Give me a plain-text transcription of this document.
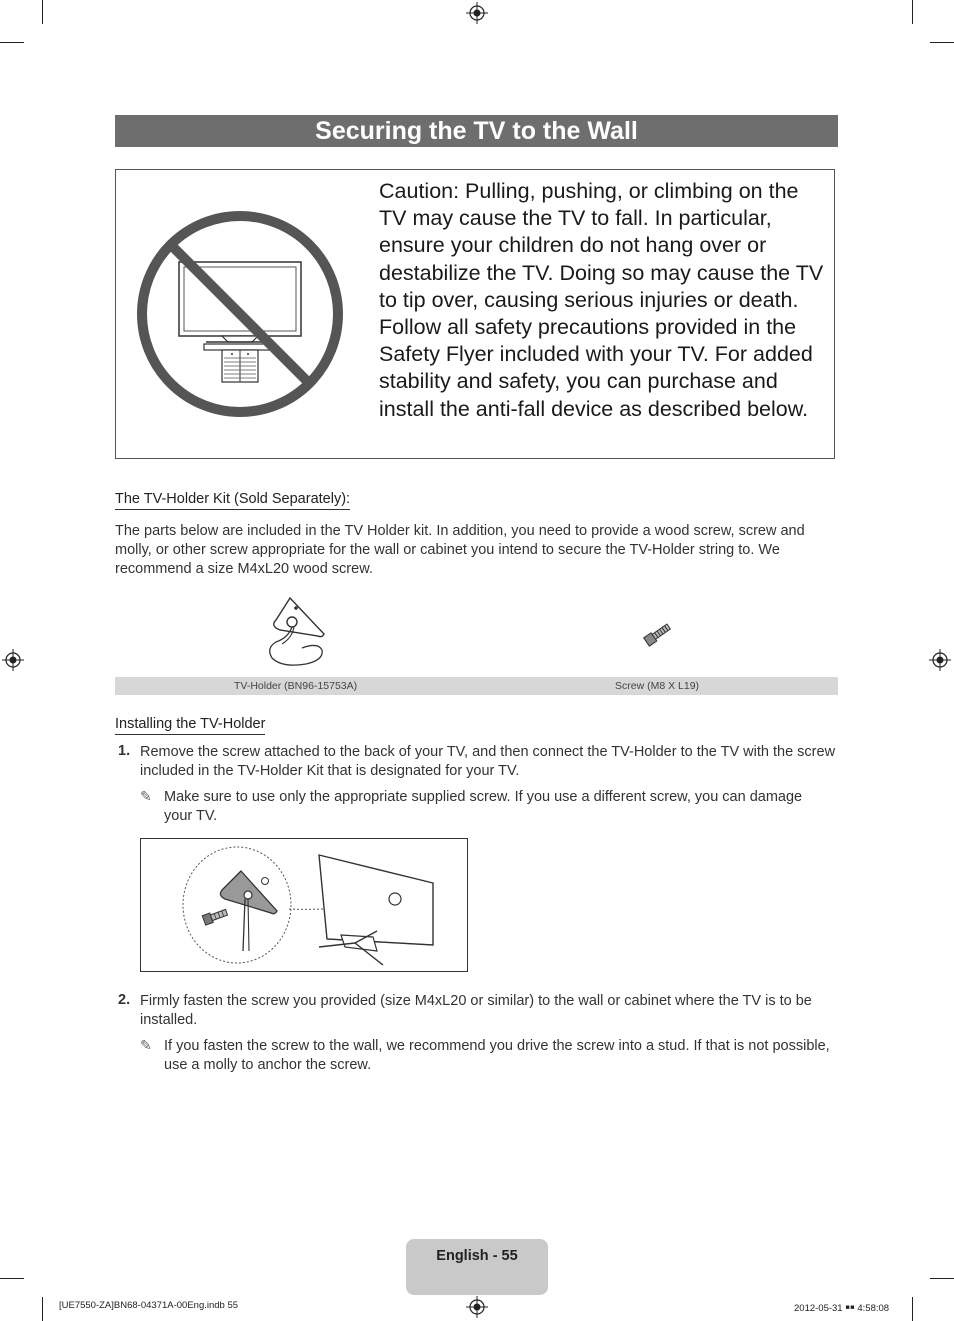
Securing the TV to the Wall

Caution: Pulling, pushing, or climbing on the TV may cause the TV to fall. In particular, ensure your children do not hang over or destabilize the TV. Doing so may cause the TV to tip over, causing serious injuries or death. Follow all safety precautions provided in the Safety Flyer included with your TV. For added stability and safety, you can purchase and install the anti-fall device as described below.

The TV-Holder Kit (Sold Separately):

The parts below are included in the TV Holder kit. In addition, you need to provide a wood screw, screw and molly, or other screw appropriate for the wall or cabinet you intend to secure the TV-Holder string to. We recommend a size M4xL20 wood screw.

TV-Holder (BN96-15753A)	Screw (M8 X L19)
Installing the TV-Holder
1. Remove the screw attached to the back of your TV, and then connect the TV-Holder to the TV with the screw included in the TV-Holder Kit that is designated for your TV.

✎ Make sure to use only the appropriate supplied screw. If you use a different screw, you can damage your TV.

2. Firmly fasten the screw you provided (size M4xL20 or similar) to the wall or cabinet where the TV is to be installed.

✎ If you fasten the screw to the wall, we recommend you drive the screw into a stud. If that is not possible, use a molly to anchor the screw.

English - 55
[UE7550-ZA]BN68-04371A-00Eng.indb 55	2012-05-31 ￭￭ 4:58:08
